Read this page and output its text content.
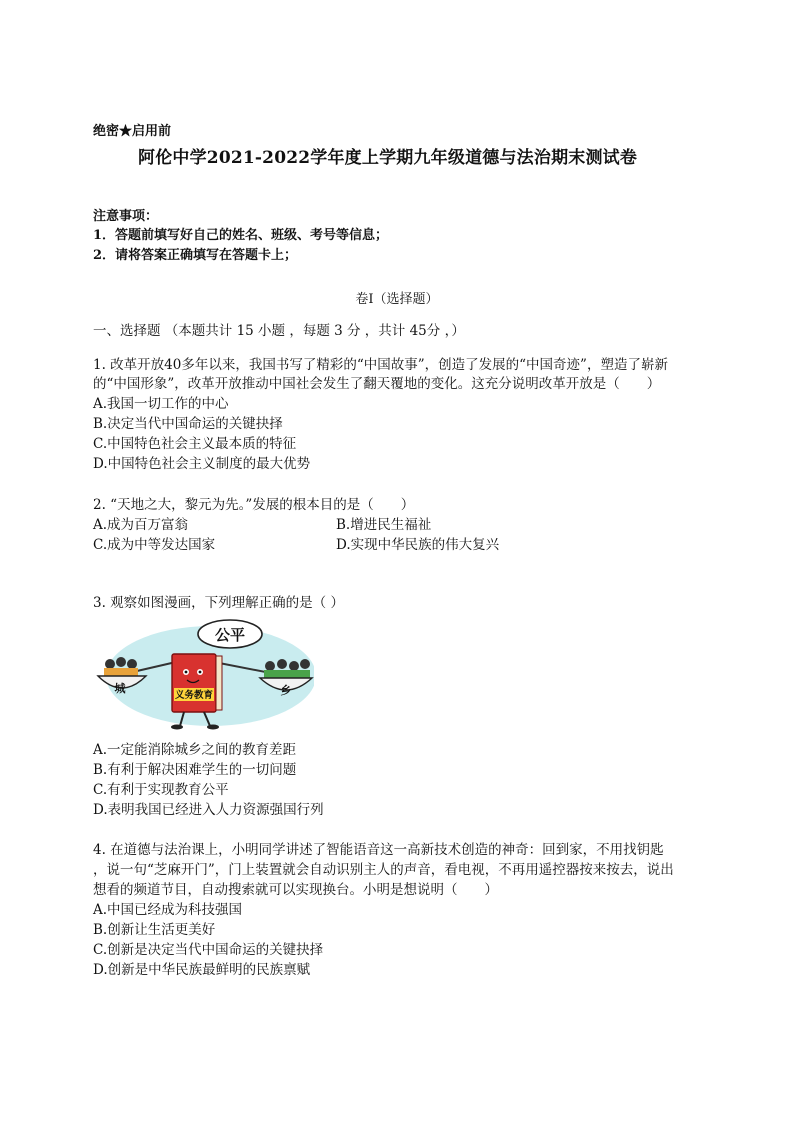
绝密★启用前
阿伦中学2021-2022学年度上学期九年级道德与法治期末测试卷
注意事项：
1．答题前填写好自己的姓名、班级、考号等信息；
2．请将答案正确填写在答题卡上；
卷I（选择题）
一、选择题 （本题共计 15 小题 ，每题 3 分 ，共计 45分 ，）
1. 改革开放40多年以来，我国书写了精彩的“中国故事”，创造了发展的“中国奇迹”，塑造了崭新
的“中国形象”，改革开放推动中国社会发生了翻天覆地的变化。这充分说明改革开放是（　　）
A.我国一切工作的中心
B.决定当代中国命运的关键抉择
C.中国特色社会主义最本质的特征
D.中国特色社会主义制度的最大优势
2. “天地之大，黎元为先。”发展的根本目的是（　　）
A.成为百万富翁	B.增进民生福祉
C.成为中等发达国家	D.实现中华民族的伟大复兴
3. 观察如图漫画，下列理解正确的是（ ）
公平
城	乡
义务教育
A.一定能消除城乡之间的教育差距
B.有利于解决困难学生的一切问题
C.有利于实现教育公平
D.表明我国已经进入人力资源强国行列
4. 在道德与法治课上，小明同学讲述了智能语音这一高新技术创造的神奇：回到家，不用找钥匙
，说一句“芝麻开门”，门上装置就会自动识别主人的声音，看电视，不再用遥控器按来按去，说出
想看的频道节目，自动搜索就可以实现换台。小明是想说明（　　）
A.中国已经成为科技强国
B.创新让生活更美好
C.创新是决定当代中国命运的关键抉择
D.创新是中华民族最鲜明的民族禀赋
